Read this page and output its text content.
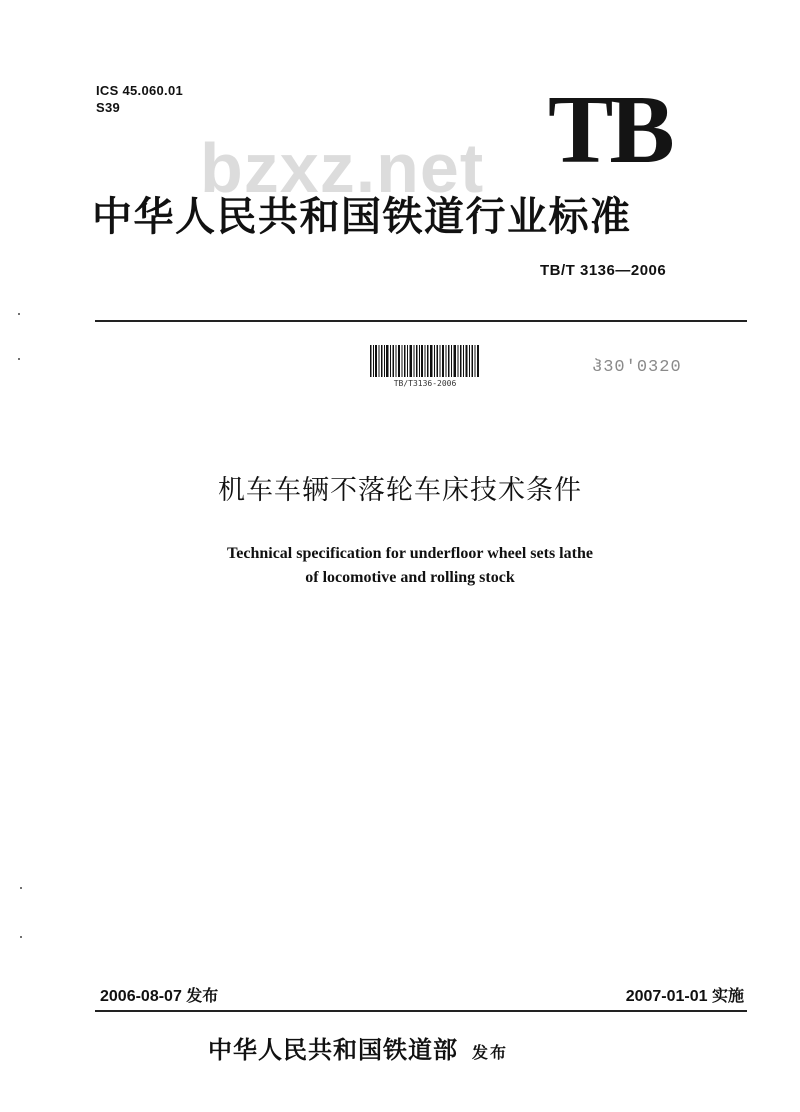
ICS 45.060.01
S39
bzxz.net TB
中华人民共和国铁道行业标准
TB/T 3136—2006
TB/T3136-2006
ჰ30ʹ0320
机车车辆不落轮车床技术条件
Technical specification for underfloor wheel sets lathe
of locomotive and rolling stock
2006-08-07 发布	2007-01-01 实施
中华人民共和国铁道部 发布
